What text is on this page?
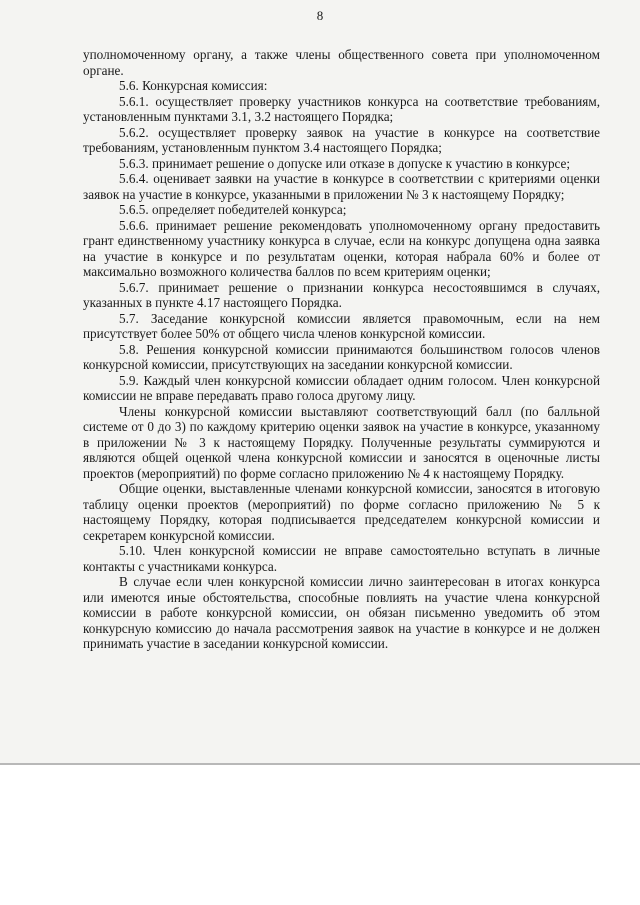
8

уполномоченному органу, а также члены общественного совета при уполномоченном органе.

5.6. Конкурсная комиссия:

5.6.1. осуществляет проверку участников конкурса на соответствие требованиям, установленным пунктами 3.1, 3.2 настоящего Порядка;

5.6.2. осуществляет проверку заявок на участие в конкурсе на соответствие требованиям, установленным пунктом 3.4 настоящего Порядка;

5.6.3. принимает решение о допуске или отказе в допуске к участию в конкурсе;

5.6.4. оценивает заявки на участие в конкурсе в соответствии с критериями оценки заявок на участие в конкурсе, указанными в приложении № 3 к настоящему Порядку;

5.6.5. определяет победителей конкурса;

5.6.6. принимает решение рекомендовать уполномоченному органу предоставить грант единственному участнику конкурса в случае, если на конкурс допущена одна заявка на участие в конкурсе и по результатам оценки, которая набрала 60% и более от максимально возможного количества баллов по всем критериям оценки;

5.6.7. принимает решение о признании конкурса несостоявшимся в случаях, указанных в пункте 4.17 настоящего Порядка.

5.7. Заседание конкурсной комиссии является правомочным, если на нем присутствует более 50% от общего числа членов конкурсной комиссии.

5.8. Решения конкурсной комиссии принимаются большинством голосов членов конкурсной комиссии, присутствующих на заседании конкурсной комиссии.

5.9. Каждый член конкурсной комиссии обладает одним голосом. Член конкурсной комиссии не вправе передавать право голоса другому лицу.

Члены конкурсной комиссии выставляют соответствующий балл (по балльной системе от 0 до 3) по каждому критерию оценки заявок на участие в конкурсе, указанному в приложении № 3 к настоящему Порядку. Полученные результаты суммируются и являются общей оценкой члена конкурсной комиссии и заносятся в оценочные листы проектов (мероприятий) по форме согласно приложению № 4 к настоящему Порядку.

Общие оценки, выставленные членами конкурсной комиссии, заносятся в итоговую таблицу оценки проектов (мероприятий) по форме согласно приложению № 5 к настоящему Порядку, которая подписывается председателем конкурсной комиссии и секретарем конкурсной комиссии.

5.10. Член конкурсной комиссии не вправе самостоятельно вступать в личные контакты с участниками конкурса.

В случае если член конкурсной комиссии лично заинтересован в итогах конкурса или имеются иные обстоятельства, способные повлиять на участие члена конкурсной комиссии в работе конкурсной комиссии, он обязан письменно уведомить об этом конкурсную комиссию до начала рассмотрения заявок на участие в конкурсе и не должен принимать участие в заседании конкурсной комиссии.
